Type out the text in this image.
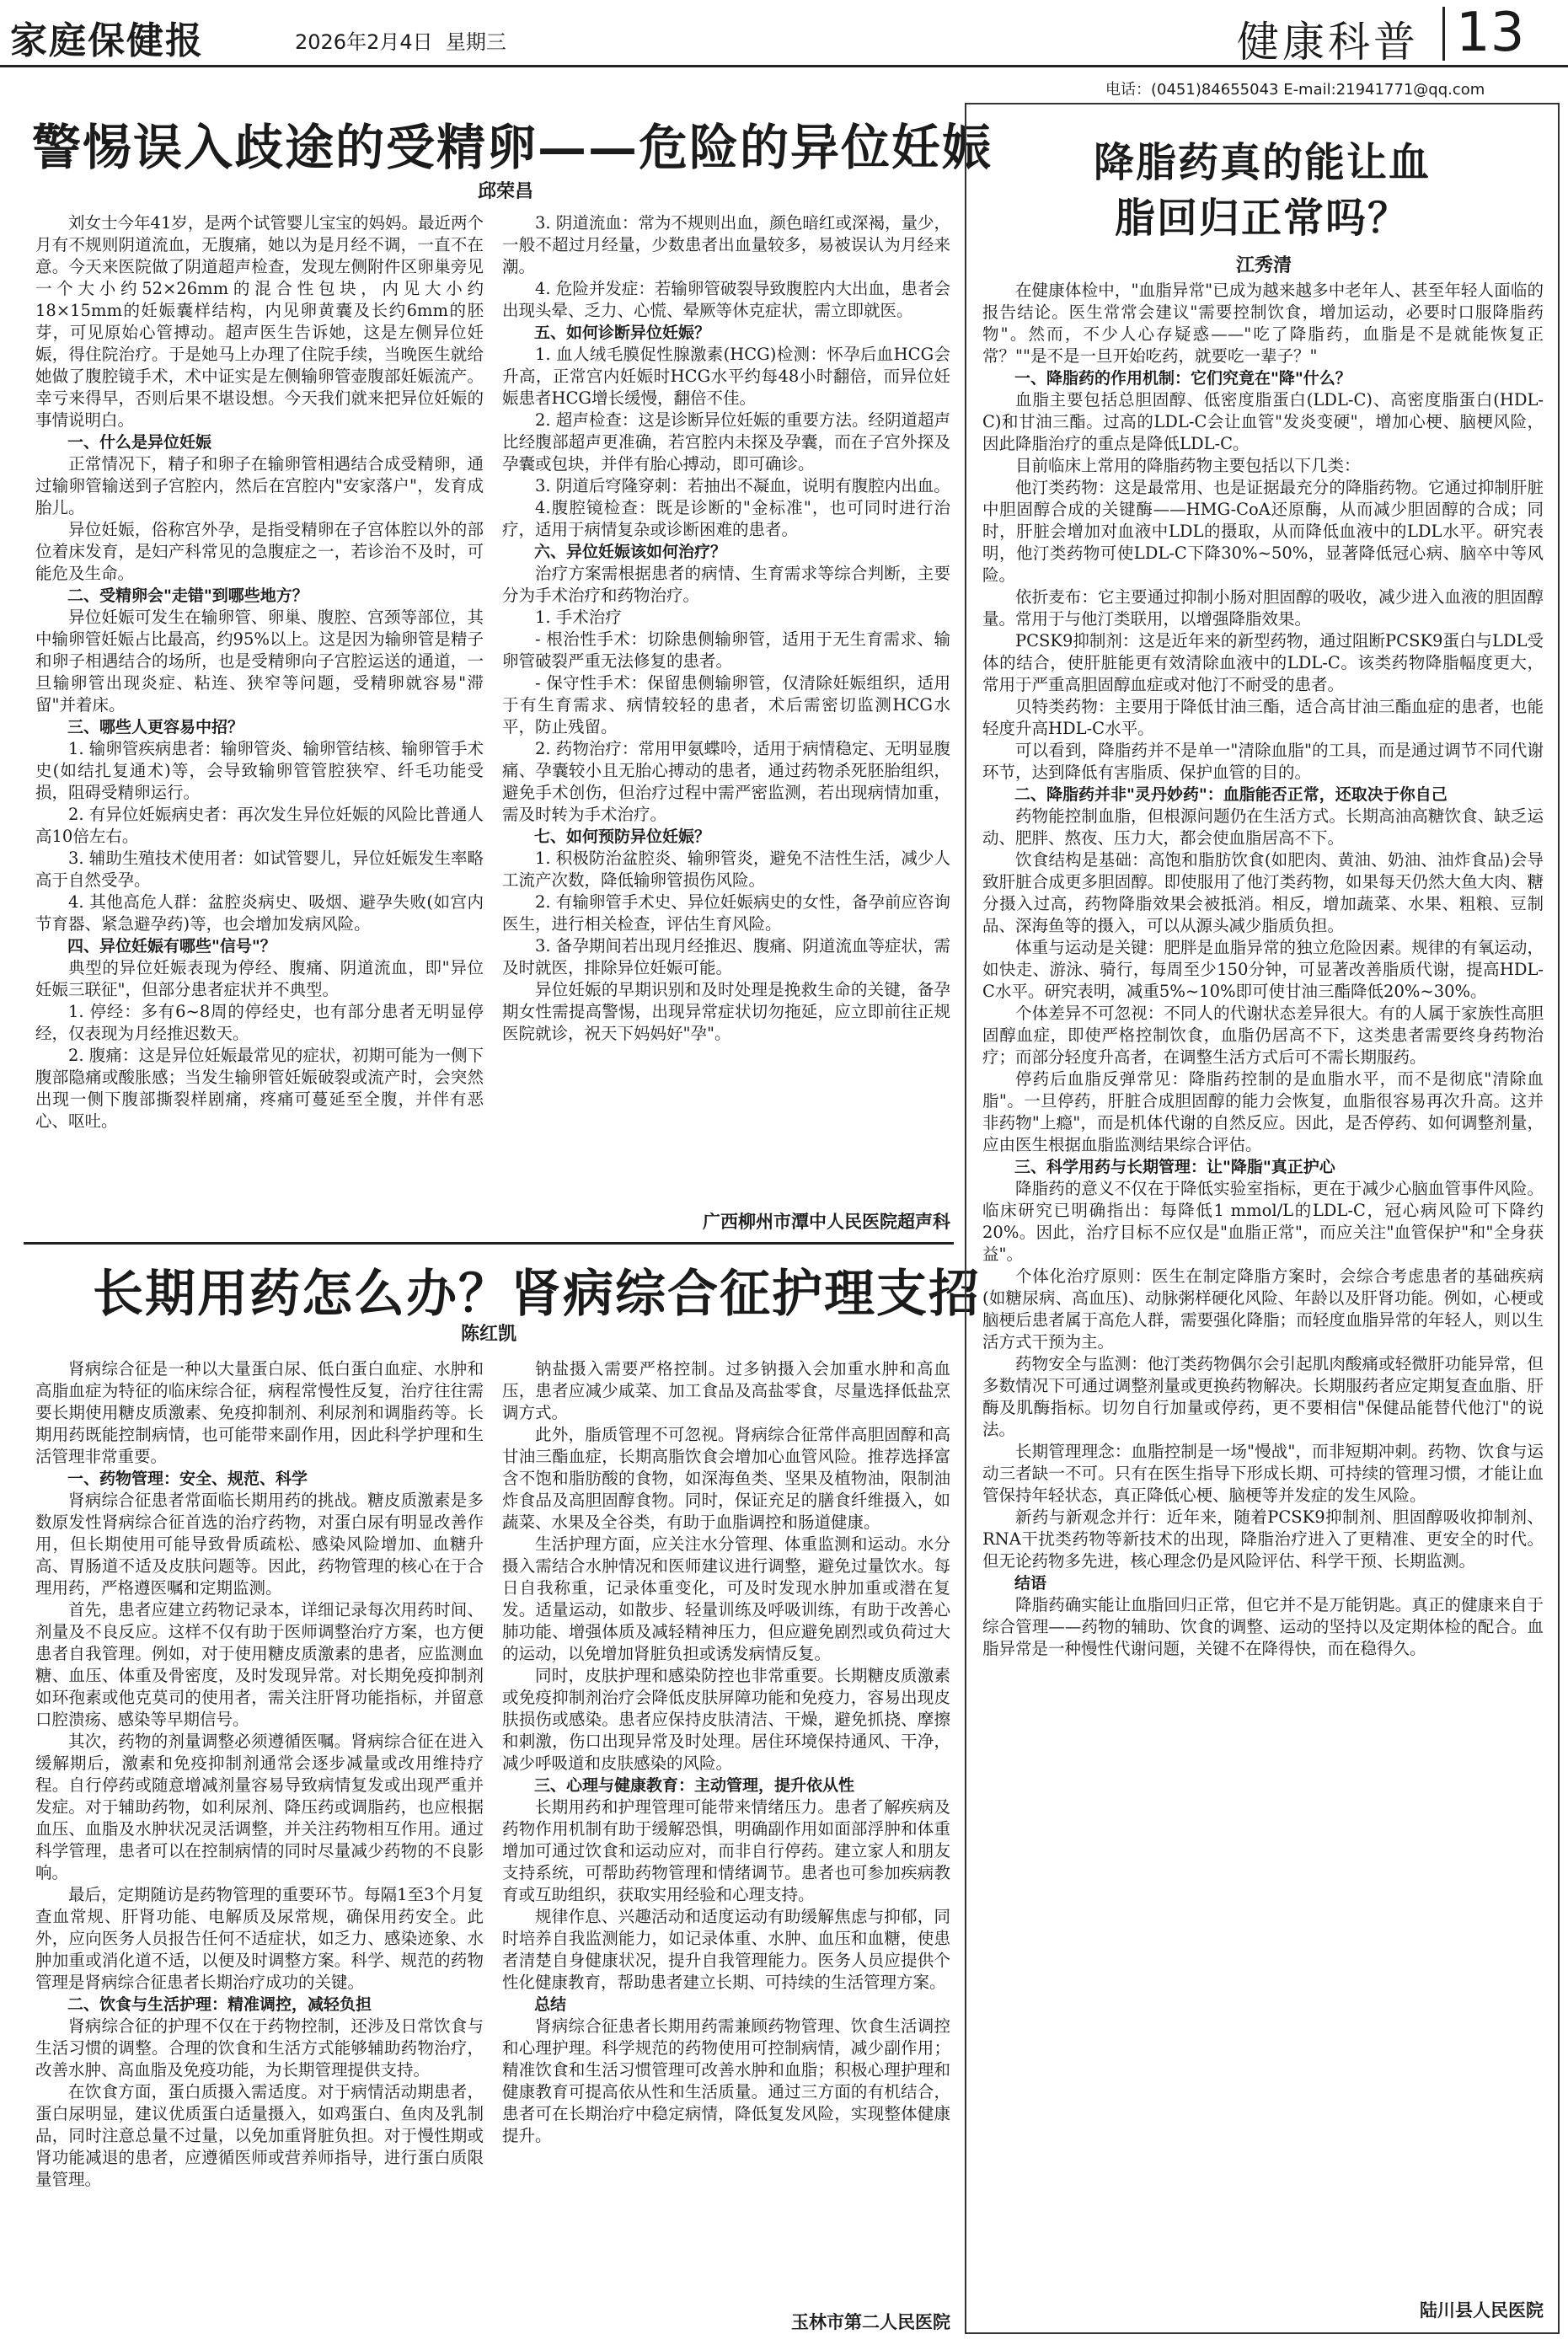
家庭保健报	2026年2月4日 星期三	健康科普 13
电话：(0451)84655043 E-mail:21941771@qq.com
警惕误入歧途的受精卵——危险的异位妊娠
邱荣昌

刘女士今年41岁，是两个试管婴儿宝宝的妈妈。最近两个月有不规则阴道流血，无腹痛，她以为是月经不调，一直不在意。今天来医院做了阴道超声检查，发现左侧附件区卵巢旁见一个大小约52×26mm的混合性包块，内见大小约18×15mm的妊娠囊样结构，内见卵黄囊及长约6mm的胚芽，可见原始心管搏动。超声医生告诉她，这是左侧异位妊娠，得住院治疗。于是她马上办理了住院手续，当晚医生就给她做了腹腔镜手术，术中证实是左侧输卵管壶腹部妊娠流产。幸亏来得早，否则后果不堪设想。今天我们就来把异位妊娠的事情说明白。

一、什么是异位妊娠

正常情况下，精子和卵子在输卵管相遇结合成受精卵，通过输卵管输送到子宫腔内，然后在宫腔内"安家落户"，发育成胎儿。

异位妊娠，俗称宫外孕，是指受精卵在子宫体腔以外的部位着床发育，是妇产科常见的急腹症之一，若诊治不及时，可能危及生命。

二、受精卵会"走错"到哪些地方？

异位妊娠可发生在输卵管、卵巢、腹腔、宫颈等部位，其中输卵管妊娠占比最高，约95%以上。这是因为输卵管是精子和卵子相遇结合的场所，也是受精卵向子宫腔运送的通道，一旦输卵管出现炎症、粘连、狭窄等问题，受精卵就容易"滞留"并着床。

三、哪些人更容易中招？

1. 输卵管疾病患者：输卵管炎、输卵管结核、输卵管手术史(如结扎复通术)等，会导致输卵管管腔狭窄、纤毛功能受损，阻碍受精卵运行。

2. 有异位妊娠病史者：再次发生异位妊娠的风险比普通人高10倍左右。

3. 辅助生殖技术使用者：如试管婴儿，异位妊娠发生率略高于自然受孕。

4. 其他高危人群：盆腔炎病史、吸烟、避孕失败(如宫内节育器、紧急避孕药)等，也会增加发病风险。

四、异位妊娠有哪些"信号"？

典型的异位妊娠表现为停经、腹痛、阴道流血，即"异位妊娠三联征"，但部分患者症状并不典型。

1. 停经：多有6~8周的停经史，也有部分患者无明显停经，仅表现为月经推迟数天。

2. 腹痛：这是异位妊娠最常见的症状，初期可能为一侧下腹部隐痛或酸胀感；当发生输卵管妊娠破裂或流产时，会突然出现一侧下腹部撕裂样剧痛，疼痛可蔓延至全腹，并伴有恶心、呕吐。

3. 阴道流血：常为不规则出血，颜色暗红或深褐，量少，一般不超过月经量，少数患者出血量较多，易被误认为月经来潮。

4. 危险并发症：若输卵管破裂导致腹腔内大出血，患者会出现头晕、乏力、心慌、晕厥等休克症状，需立即就医。

五、如何诊断异位妊娠？

1. 血人绒毛膜促性腺激素(HCG)检测：怀孕后血HCG会升高，正常宫内妊娠时HCG水平约每48小时翻倍，而异位妊娠患者HCG增长缓慢，翻倍不佳。

2. 超声检查：这是诊断异位妊娠的重要方法。经阴道超声比经腹部超声更准确，若宫腔内未探及孕囊，而在子宫外探及孕囊或包块，并伴有胎心搏动，即可确诊。

3. 阴道后穹隆穿刺：若抽出不凝血，说明有腹腔内出血。

4.腹腔镜检查：既是诊断的"金标准"，也可同时进行治疗，适用于病情复杂或诊断困难的患者。

六、异位妊娠该如何治疗？

治疗方案需根据患者的病情、生育需求等综合判断，主要分为手术治疗和药物治疗。

1. 手术治疗

- 根治性手术：切除患侧输卵管，适用于无生育需求、输卵管破裂严重无法修复的患者。

- 保守性手术：保留患侧输卵管，仅清除妊娠组织，适用于有生育需求、病情较轻的患者，术后需密切监测HCG水平，防止残留。

2. 药物治疗：常用甲氨蝶呤，适用于病情稳定、无明显腹痛、孕囊较小且无胎心搏动的患者，通过药物杀死胚胎组织，避免手术创伤，但治疗过程中需严密监测，若出现病情加重，需及时转为手术治疗。

七、如何预防异位妊娠？

1. 积极防治盆腔炎、输卵管炎，避免不洁性生活，减少人工流产次数，降低输卵管损伤风险。

2. 有输卵管手术史、异位妊娠病史的女性，备孕前应咨询医生，进行相关检查，评估生育风险。

3. 备孕期间若出现月经推迟、腹痛、阴道流血等症状，需及时就医，排除异位妊娠可能。

异位妊娠的早期识别和及时处理是挽救生命的关键，备孕期女性需提高警惕，出现异常症状切勿拖延，应立即前往正规医院就诊，祝天下妈妈好"孕"。

广西柳州市潭中人民医院超声科
长期用药怎么办？肾病综合征护理支招
陈红凯

肾病综合征是一种以大量蛋白尿、低白蛋白血症、水肿和高脂血症为特征的临床综合征，病程常慢性反复，治疗往往需要长期使用糖皮质激素、免疫抑制剂、利尿剂和调脂药等。长期用药既能控制病情，也可能带来副作用，因此科学护理和生活管理非常重要。

一、药物管理：安全、规范、科学

肾病综合征患者常面临长期用药的挑战。糖皮质激素是多数原发性肾病综合征首选的治疗药物，对蛋白尿有明显改善作用，但长期使用可能导致骨质疏松、感染风险增加、血糖升高、胃肠道不适及皮肤问题等。因此，药物管理的核心在于合理用药，严格遵医嘱和定期监测。

首先，患者应建立药物记录本，详细记录每次用药时间、剂量及不良反应。这样不仅有助于医师调整治疗方案，也方便患者自我管理。例如，对于使用糖皮质激素的患者，应监测血糖、血压、体重及骨密度，及时发现异常。对长期免疫抑制剂如环孢素或他克莫司的使用者，需关注肝肾功能指标，并留意口腔溃疡、感染等早期信号。

其次，药物的剂量调整必须遵循医嘱。肾病综合征在进入缓解期后，激素和免疫抑制剂通常会逐步减量或改用维持疗程。自行停药或随意增减剂量容易导致病情复发或出现严重并发症。对于辅助药物，如利尿剂、降压药或调脂药，也应根据血压、血脂及水肿状况灵活调整，并关注药物相互作用。通过科学管理，患者可以在控制病情的同时尽量减少药物的不良影响。

最后，定期随访是药物管理的重要环节。每隔1至3个月复查血常规、肝肾功能、电解质及尿常规，确保用药安全。此外，应向医务人员报告任何不适症状，如乏力、感染迹象、水肿加重或消化道不适，以便及时调整方案。科学、规范的药物管理是肾病综合征患者长期治疗成功的关键。

二、饮食与生活护理：精准调控，减轻负担

肾病综合征的护理不仅在于药物控制，还涉及日常饮食与生活习惯的调整。合理的饮食和生活方式能够辅助药物治疗，改善水肿、高血脂及免疫功能，为长期管理提供支持。

在饮食方面，蛋白质摄入需适度。对于病情活动期患者，蛋白尿明显，建议优质蛋白适量摄入，如鸡蛋白、鱼肉及乳制品，同时注意总量不过量，以免加重肾脏负担。对于慢性期或肾功能减退的患者，应遵循医师或营养师指导，进行蛋白质限量管理。

钠盐摄入需要严格控制。过多钠摄入会加重水肿和高血压，患者应减少咸菜、加工食品及高盐零食，尽量选择低盐烹调方式。

此外，脂质管理不可忽视。肾病综合征常伴高胆固醇和高甘油三酯血症，长期高脂饮食会增加心血管风险。推荐选择富含不饱和脂肪酸的食物，如深海鱼类、坚果及植物油，限制油炸食品及高胆固醇食物。同时，保证充足的膳食纤维摄入，如蔬菜、水果及全谷类，有助于血脂调控和肠道健康。

生活护理方面，应关注水分管理、体重监测和运动。水分摄入需结合水肿情况和医师建议进行调整，避免过量饮水。每日自我称重，记录体重变化，可及时发现水肿加重或潜在复发。适量运动，如散步、轻量训练及呼吸训练，有助于改善心肺功能、增强体质及减轻精神压力，但应避免剧烈或负荷过大的运动，以免增加肾脏负担或诱发病情反复。

同时，皮肤护理和感染防控也非常重要。长期糖皮质激素或免疫抑制剂治疗会降低皮肤屏障功能和免疫力，容易出现皮肤损伤或感染。患者应保持皮肤清洁、干燥，避免抓挠、摩擦和刺激，伤口出现异常及时处理。居住环境保持通风、干净，减少呼吸道和皮肤感染的风险。

三、心理与健康教育：主动管理，提升依从性

长期用药和护理管理可能带来情绪压力。患者了解疾病及药物作用机制有助于缓解恐惧，明确副作用如面部浮肿和体重增加可通过饮食和运动应对，而非自行停药。建立家人和朋友支持系统，可帮助药物管理和情绪调节。患者也可参加疾病教育或互助组织，获取实用经验和心理支持。

规律作息、兴趣活动和适度运动有助缓解焦虑与抑郁，同时培养自我监测能力，如记录体重、水肿、血压和血糖，使患者清楚自身健康状况，提升自我管理能力。医务人员应提供个性化健康教育，帮助患者建立长期、可持续的生活管理方案。

总结

肾病综合征患者长期用药需兼顾药物管理、饮食生活调控和心理护理。科学规范的药物使用可控制病情，减少副作用；精准饮食和生活习惯管理可改善水肿和血脂；积极心理护理和健康教育可提高依从性和生活质量。通过三方面的有机结合，患者可在长期治疗中稳定病情，降低复发风险，实现整体健康提升。

玉林市第二人民医院
降脂药真的能让血脂回归正常吗？
江秀清

在健康体检中，"血脂异常"已成为越来越多中老年人、甚至年轻人面临的报告结论。医生常常会建议"需要控制饮食，增加运动，必要时口服降脂药物"。然而，不少人心存疑惑——"吃了降脂药，血脂是不是就能恢复正常？""是不是一旦开始吃药，就要吃一辈子？"

一、降脂药的作用机制：它们究竟在"降"什么？

血脂主要包括总胆固醇、低密度脂蛋白(LDL-C)、高密度脂蛋白(HDL-C)和甘油三酯。过高的LDL-C会让血管"发炎变硬"，增加心梗、脑梗风险，因此降脂治疗的重点是降低LDL-C。

目前临床上常用的降脂药物主要包括以下几类：

他汀类药物：这是最常用、也是证据最充分的降脂药物。它通过抑制肝脏中胆固醇合成的关键酶——HMG-CoA还原酶，从而减少胆固醇的合成；同时，肝脏会增加对血液中LDL的摄取，从而降低血液中的LDL水平。研究表明，他汀类药物可使LDL-C下降30%~50%，显著降低冠心病、脑卒中等风险。

依折麦布：它主要通过抑制小肠对胆固醇的吸收，减少进入血液的胆固醇量。常用于与他汀类联用，以增强降脂效果。

PCSK9抑制剂：这是近年来的新型药物，通过阻断PCSK9蛋白与LDL受体的结合，使肝脏能更有效清除血液中的LDL-C。该类药物降脂幅度更大，常用于严重高胆固醇血症或对他汀不耐受的患者。

贝特类药物：主要用于降低甘油三酯，适合高甘油三酯血症的患者，也能轻度升高HDL-C水平。

可以看到，降脂药并不是单一"清除血脂"的工具，而是通过调节不同代谢环节，达到降低有害脂质、保护血管的目的。

二、降脂药并非"灵丹妙药"：血脂能否正常，还取决于你自己

药物能控制血脂，但根源问题仍在生活方式。长期高油高糖饮食、缺乏运动、肥胖、熬夜、压力大，都会使血脂居高不下。

饮食结构是基础：高饱和脂肪饮食(如肥肉、黄油、奶油、油炸食品)会导致肝脏合成更多胆固醇。即使服用了他汀类药物，如果每天仍然大鱼大肉、糖分摄入过高，药物降脂效果会被抵消。相反，增加蔬菜、水果、粗粮、豆制品、深海鱼等的摄入，可以从源头减少脂质负担。

体重与运动是关键：肥胖是血脂异常的独立危险因素。规律的有氧运动，如快走、游泳、骑行，每周至少150分钟，可显著改善脂质代谢，提高HDL-C水平。研究表明，减重5%~10%即可使甘油三酯降低20%~30%。

个体差异不可忽视：不同人的代谢状态差异很大。有的人属于家族性高胆固醇血症，即使严格控制饮食，血脂仍居高不下，这类患者需要终身药物治疗；而部分轻度升高者，在调整生活方式后可不需长期服药。

停药后血脂反弹常见：降脂药控制的是血脂水平，而不是彻底"清除血脂"。一旦停药，肝脏合成胆固醇的能力会恢复，血脂很容易再次升高。这并非药物"上瘾"，而是机体代谢的自然反应。因此，是否停药、如何调整剂量，应由医生根据血脂监测结果综合评估。

三、科学用药与长期管理：让"降脂"真正护心

降脂药的意义不仅在于降低实验室指标，更在于减少心脑血管事件风险。临床研究已明确指出：每降低1 mmol/L的LDL-C，冠心病风险可下降约20%。因此，治疗目标不应仅是"血脂正常"，而应关注"血管保护"和"全身获益"。

个体化治疗原则：医生在制定降脂方案时，会综合考虑患者的基础疾病(如糖尿病、高血压)、动脉粥样硬化风险、年龄以及肝肾功能。例如，心梗或脑梗后患者属于高危人群，需要强化降脂；而轻度血脂异常的年轻人，则以生活方式干预为主。

药物安全与监测：他汀类药物偶尔会引起肌肉酸痛或轻微肝功能异常，但多数情况下可通过调整剂量或更换药物解决。长期服药者应定期复查血脂、肝酶及肌酶指标。切勿自行加量或停药，更不要相信"保健品能替代他汀"的说法。

长期管理理念：血脂控制是一场"慢战"，而非短期冲刺。药物、饮食与运动三者缺一不可。只有在医生指导下形成长期、可持续的管理习惯，才能让血管保持年轻状态，真正降低心梗、脑梗等并发症的发生风险。

新药与新观念并行：近年来，随着PCSK9抑制剂、胆固醇吸收抑制剂、RNA干扰类药物等新技术的出现，降脂治疗进入了更精准、更安全的时代。但无论药物多先进，核心理念仍是风险评估、科学干预、长期监测。

结语

降脂药确实能让血脂回归正常，但它并不是万能钥匙。真正的健康来自于综合管理——药物的辅助、饮食的调整、运动的坚持以及定期体检的配合。血脂异常是一种慢性代谢问题，关键不在降得快，而在稳得久。

陆川县人民医院
